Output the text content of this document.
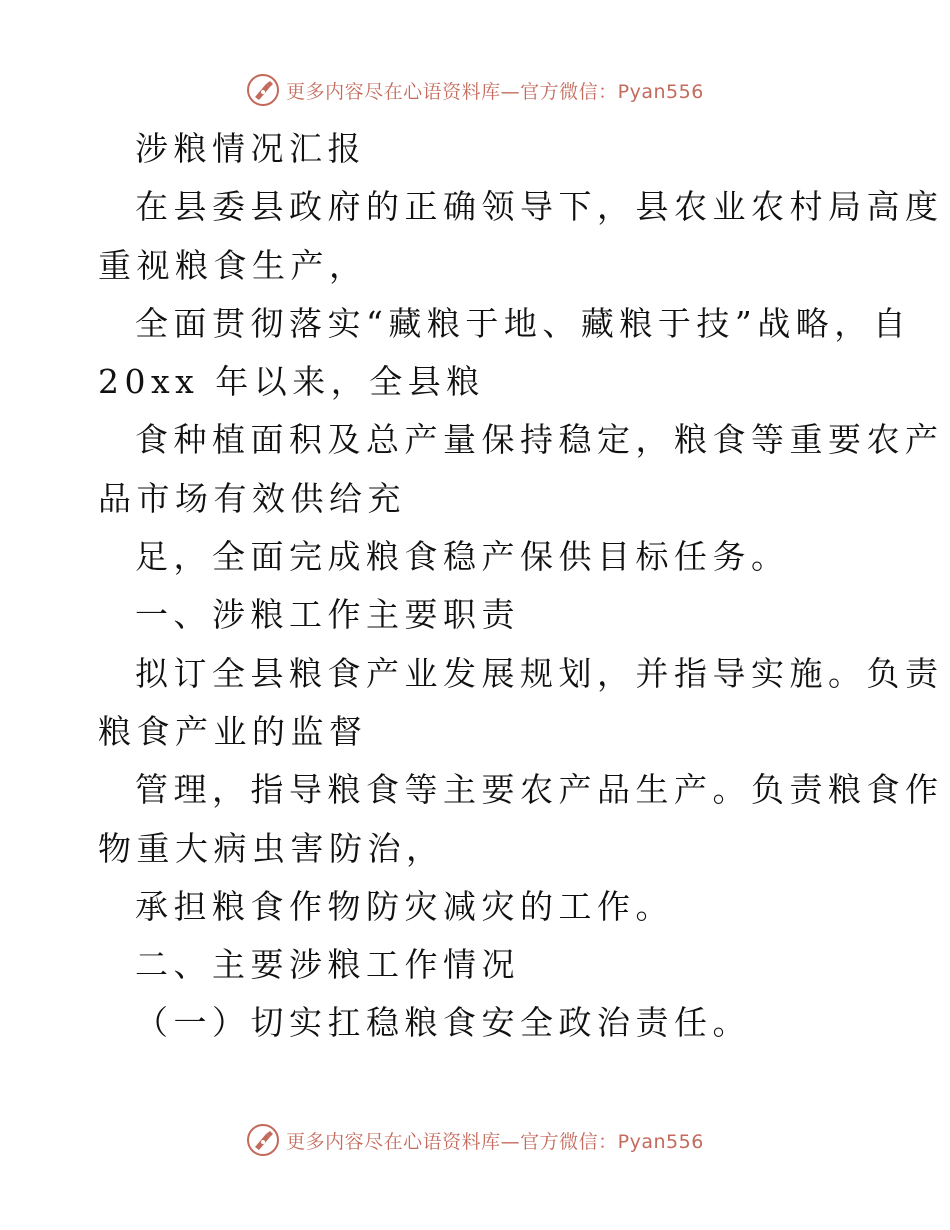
更多内容尽在心语资料库—官方微信：Pyan556
涉粮情况汇报
在县委县政府的正确领导下，县农业农村局高度
重视粮食生产，
全面贯彻落实“藏粮于地、藏粮于技”战略，自
20xx 年以来，全县粮
食种植面积及总产量保持稳定，粮食等重要农产
品市场有效供给充
足，全面完成粮食稳产保供目标任务。
一、涉粮工作主要职责
拟订全县粮食产业发展规划，并指导实施。负责
粮食产业的监督
管理，指导粮食等主要农产品生产。负责粮食作
物重大病虫害防治，
承担粮食作物防灾减灾的工作。
二、主要涉粮工作情况
（一）切实扛稳粮食安全政治责任。
更多内容尽在心语资料库—官方微信：Pyan556
